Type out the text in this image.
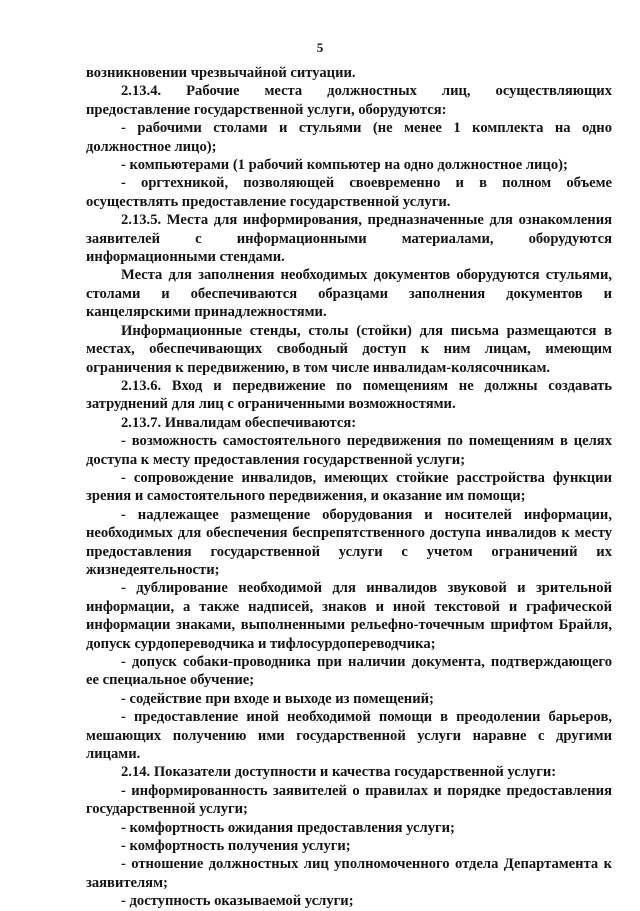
5

возникновении чрезвычайной ситуации.

2.13.4. Рабочие места должностных лиц, осуществляющих предоставление государственной услуги, оборудуются:

- рабочими столами и стульями (не менее 1 комплекта на одно должностное лицо);

- компьютерами (1 рабочий компьютер на одно должностное лицо);

- оргтехникой, позволяющей своевременно и в полном объеме осуществлять предоставление государственной услуги.

2.13.5. Места для информирования, предназначенные для ознакомления заявителей с информационными материалами, оборудуются информационными стендами.

Места для заполнения необходимых документов оборудуются стульями, столами и обеспечиваются образцами заполнения документов и канцелярскими принадлежностями.

Информационные стенды, столы (стойки) для письма размещаются в местах, обеспечивающих свободный доступ к ним лицам, имеющим ограничения к передвижению, в том числе инвалидам-колясочникам.

2.13.6. Вход и передвижение по помещениям не должны создавать затруднений для лиц с ограниченными возможностями.

2.13.7. Инвалидам обеспечиваются:

- возможность самостоятельного передвижения по помещениям в целях доступа к месту предоставления государственной услуги;

- сопровождение инвалидов, имеющих стойкие расстройства функции зрения и самостоятельного передвижения, и оказание им помощи;

- надлежащее размещение оборудования и носителей информации, необходимых для обеспечения беспрепятственного доступа инвалидов к месту предоставления государственной услуги с учетом ограничений их жизнедеятельности;

- дублирование необходимой для инвалидов звуковой и зрительной информации, а также надписей, знаков и иной текстовой и графической информации знаками, выполненными рельефно-точечным шрифтом Брайля, допуск сурдопереводчика и тифлосурдопереводчика;

- допуск собаки-проводника при наличии документа, подтверждающего ее специальное обучение;

- содействие при входе и выходе из помещений;

- предоставление иной необходимой помощи в преодолении барьеров, мешающих получению ими государственной услуги наравне с другими лицами.

2.14. Показатели доступности и качества государственной услуги:

- информированность заявителей о правилах и порядке предоставления государственной услуги;

- комфортность ожидания предоставления услуги;

- комфортность получения услуги;

- отношение должностных лиц уполномоченного отдела Департамента к заявителям;

- доступность оказываемой услуги;
